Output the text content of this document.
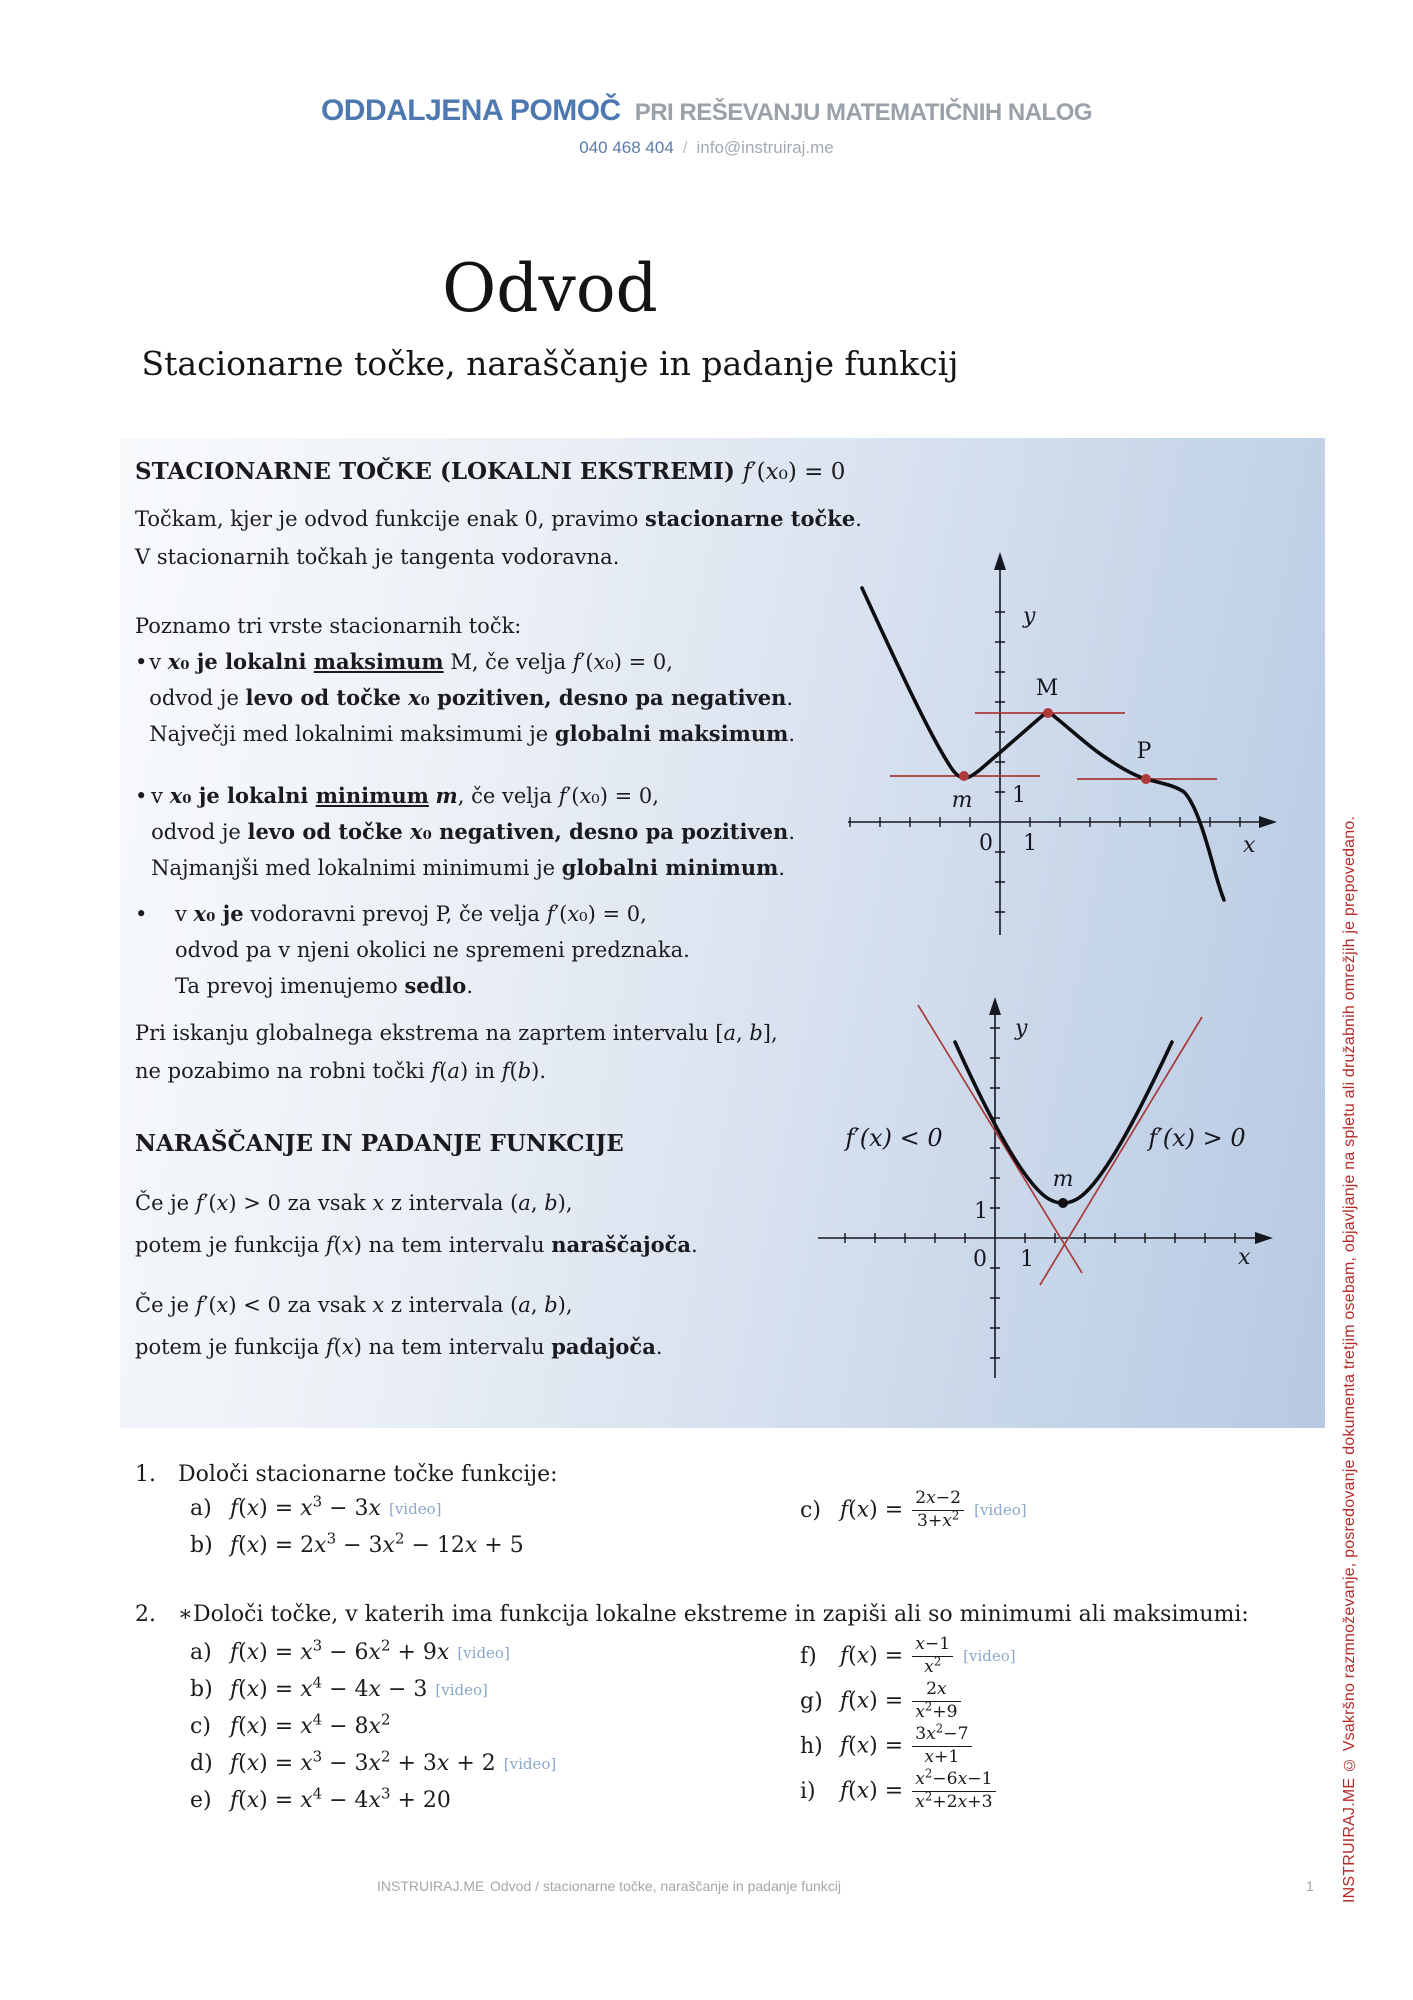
ODDALJENA POMOČ PRI REŠEVANJU MATEMATIČNIH NALOG
040 468 404 / info@instruiraj.me
Odvod
Stacionarne točke, naraščanje in padanje funkcij
STACIONARNE TOČKE (LOKALNI EKSTREMI) f′(x₀) = 0
Točkam, kjer je odvod funkcije enak 0, pravimo stacionarne točke.
V stacionarnih točkah je tangenta vodoravna.
Poznamo tri vrste stacionarnih točk:
• v x₀ je lokalni maksimum M, če velja f′(x₀) = 0,
odvod je levo od točke x₀ pozitiven, desno pa negativen.
Največji med lokalnimi maksimumi je globalni maksimum.
• v x₀ je lokalni minimum m, če velja f′(x₀) = 0,
odvod je levo od točke x₀ negativen, desno pa pozitiven.
Najmanjši med lokalnimi minimumi je globalni minimum.
•	v x₀ je vodoravni prevoj P, če velja f′(x₀) = 0,
odvod pa v njeni okolici ne spremeni predznaka.
Ta prevoj imenujemo sedlo.
Pri iskanju globalnega ekstrema na zaprtem intervalu [a, b],
ne pozabimo na robni točki f(a) in f(b).
NARAŠČANJE IN PADANJE FUNKCIJE
Če je f′(x) > 0 za vsak x z intervala (a, b),
potem je funkcija f(x) na tem intervalu naraščajoča.
Če je f′(x) < 0 za vsak x z intervala (a, b),
potem je funkcija f(x) na tem intervalu padajoča.
y
M
m
P
1
0 1	x
f′(x) < 0	f′(x) > 0
m
y
1
0 1	x
1. Določi stacionarne točke funkcije:
a) $f(x) = x^3 - 3x$ [video]
b) $f(x) = 2x^3 - 3x^2 - 12x + 5$
c) $f(x) = \frac{2x-2}{3+x^2}$ [video]
2. ∗Določi točke, v katerih ima funkcija lokalne ekstreme in zapiši ali so minimumi ali maksimumi:
a) $f(x) = x^3 - 6x^2 + 9x$ [video]
b) $f(x) = x^4 - 4x - 3$ [video]
c) $f(x) = x^4 - 8x^2$
d) $f(x) = x^3 - 3x^2 + 3x + 2$ [video]
e) $f(x) = x^4 - 4x^3 + 20$
f)	$f(x) = \frac{x-1}{x^2}$ [video]
g) $f(x) = \frac{2x}{x^2+9}$
h) $f(x) = \frac{3x^2-7}{x+1}$
i)	$f(x) = \frac{x^2-6x-1}{x^2+2x+3}$
INSTRUIRAJ.ME Odvod / stacionarne točke, naraščanje in padanje funkcij	1 INSTRUIRAJ.ME © Vsakršno razmnoževanje, posredovanje dokumenta tretjim osebam, objavljanje na spletu ali družabnih omrežjih je prepovedano.
